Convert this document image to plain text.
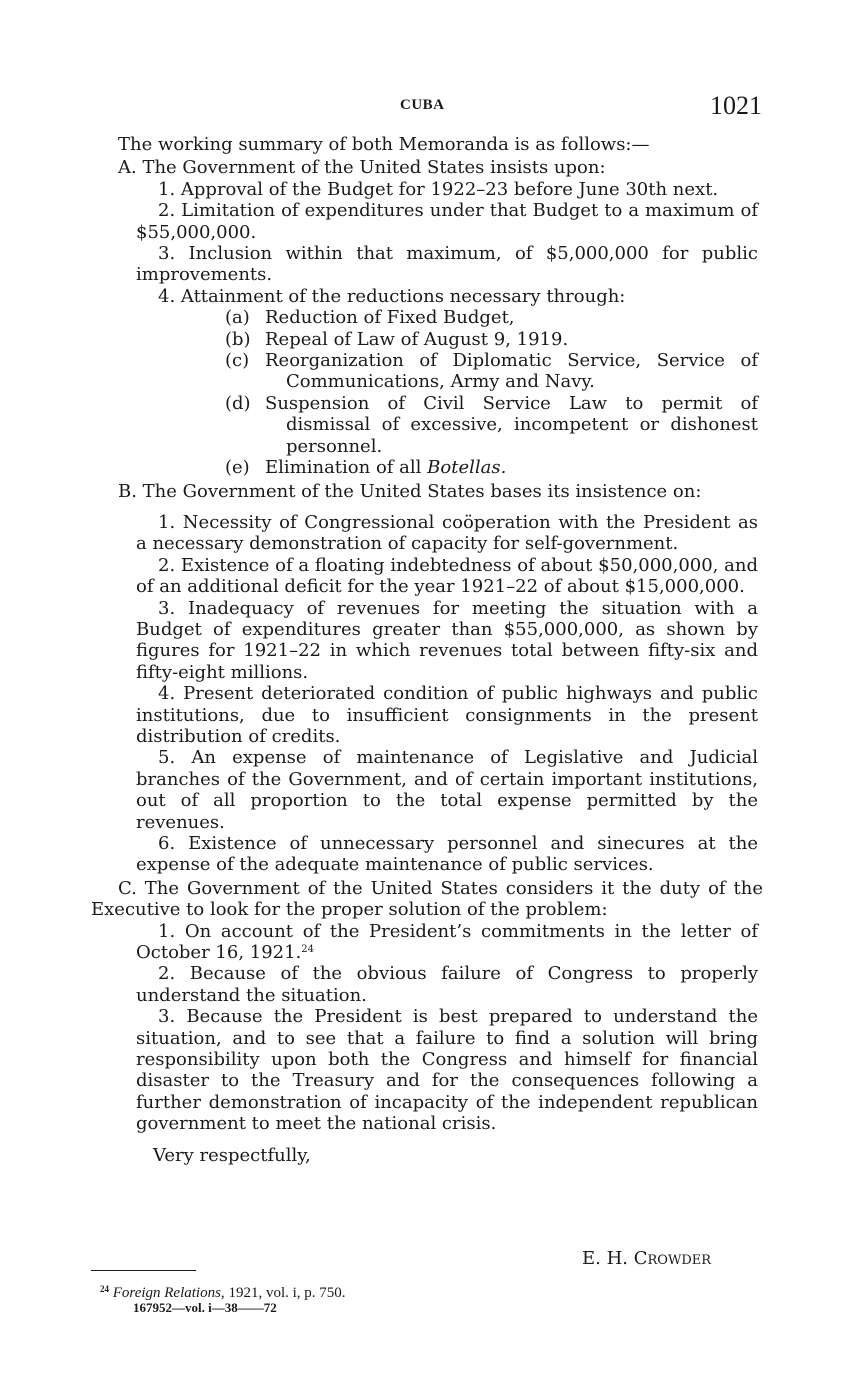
CUBA	1021

The working summary of both Memoranda is as follows:—

A. The Government of the United States insists upon:

1. Approval of the Budget for 1922–23 before June 30th next.

2. Limitation of expenditures under that Budget to a maximum of $55,000,000.

3. Inclusion within that maximum, of $5,000,000 for public improvements.

4. Attainment of the reductions necessary through:

(a) Reduction of Fixed Budget,

(b) Repeal of Law of August 9, 1919.

(c) Reorganization of Diplomatic Service, Service of Communications, Army and Navy.

(d) Suspension of Civil Service Law to permit of dismissal of excessive, incompetent or dishonest personnel.

(e) Elimination of all Botellas.

B. The Government of the United States bases its insistence on:

1. Necessity of Congressional coöperation with the President as a necessary demonstration of capacity for self-government.

2. Existence of a floating indebtedness of about $50,000,000, and of an additional deficit for the year 1921–22 of about $15,000,000.

3. Inadequacy of revenues for meeting the situation with a Budget of expenditures greater than $55,000,000, as shown by figures for 1921–22 in which revenues total between fifty-six and fifty-eight millions.

4. Present deteriorated condition of public highways and public institutions, due to insufficient consignments in the present distribution of credits.

5. An expense of maintenance of Legislative and Judicial branches of the Government, and of certain important institutions, out of all proportion to the total expense permitted by the revenues.

6. Existence of unnecessary personnel and sinecures at the expense of the adequate maintenance of public services.

C. The Government of the United States considers it the duty of the Executive to look for the proper solution of the problem:

1. On account of the President’s commitments in the letter of October 16, 1921.24

2. Because of the obvious failure of Congress to properly understand the situation.

3. Because the President is best prepared to understand the situation, and to see that a failure to find a solution will bring responsibility upon both the Congress and himself for financial disaster to the Treasury and for the consequences following a further demonstration of incapacity of the independent republican government to meet the national crisis.

Very respectfully,

E. H. Crowder
$^{24}$ Foreign Relations, 1921, vol. i, p. 750.
167952—vol. i—38——72
